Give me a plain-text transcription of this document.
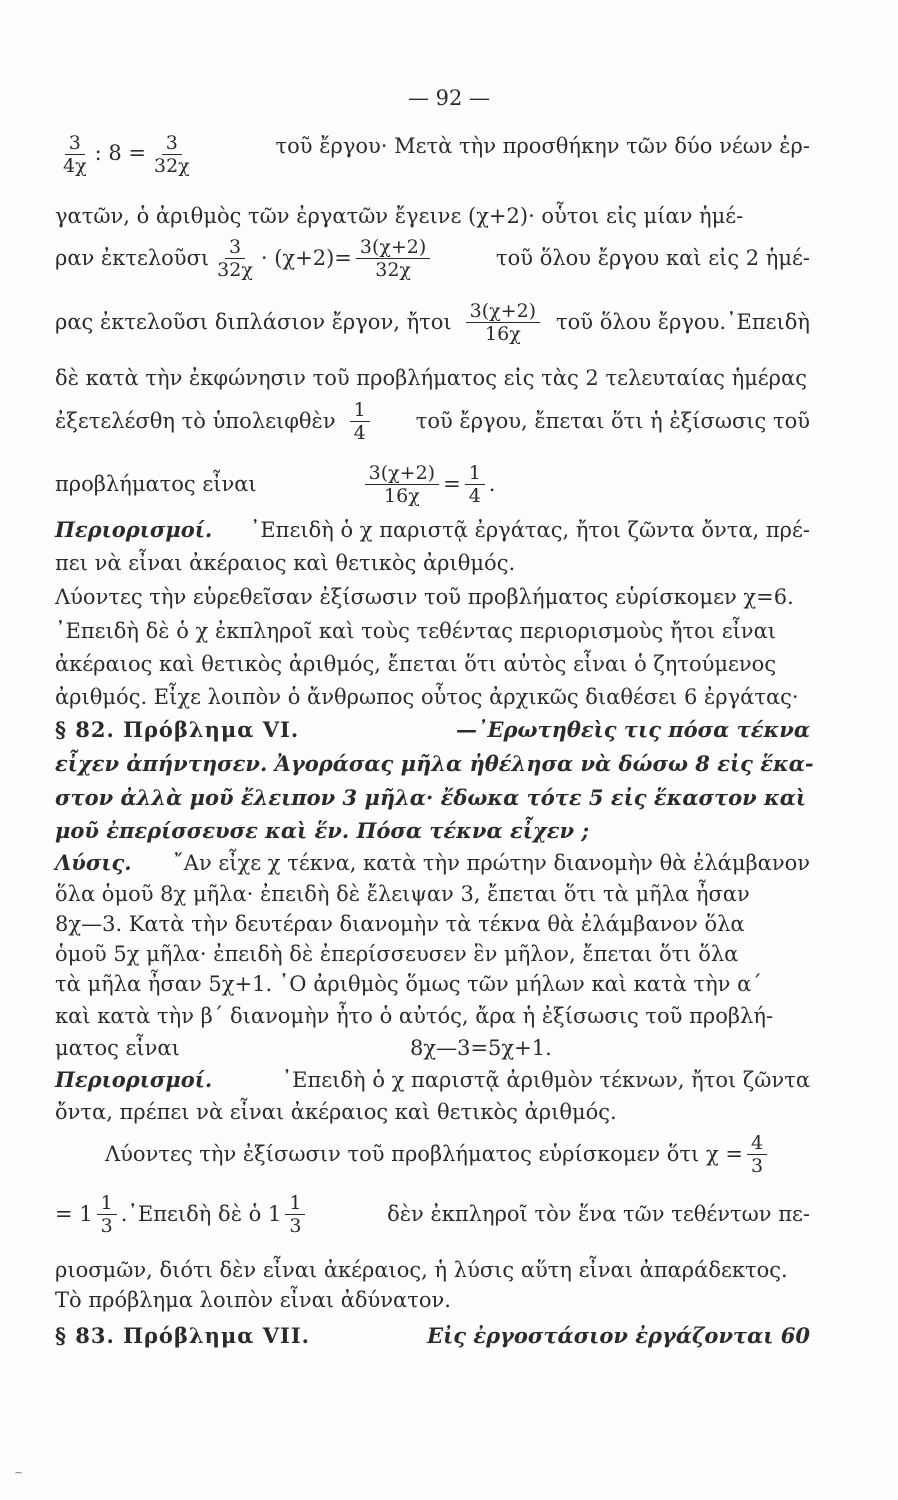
— 92 —
$\frac{3}{4\chi}$ : $8 = \frac{3}{32\chi}$	τοῦ ἔργου· Μετὰ τὴν προσθήκην τῶν δύο νέων ἐρ-
γατῶν, ὁ ἀριθμὸς τῶν ἐργατῶν ἔγεινε (χ+2)· οὗτοι εἰς μίαν ἡμέ-
ραν ἐκτελοῦσι $\frac{3}{32\chi} \cdot (\chi+2)= \frac{3(\chi+2)}{32\chi}$	τοῦ ὅλου ἔργου καὶ εἰς 2 ἡμέ-
ρας ἐκτελοῦσι διπλάσιον ἔργον, ἤτοι $\frac{3(\chi+2)}{16\chi}$ τοῦ ὅλου ἔργου.᾿Επειδὴ
δὲ κατὰ τὴν ἐκφώνησιν τοῦ προβλήματος εἰς τὰς 2 τελευταίας ἡμέρας
ἐξετελέσθη τὸ ὑπολειφθὲν $\frac{1}{4}$ τοῦ ἔργου, ἔπεται ὅτι ἡ ἐξίσωσις τοῦ
προβλήματος εἶναι	$\frac{3(\chi+2)}{16\chi} = \frac{1}{4}$ .
Περιορισμοί. ᾿Επειδὴ ὁ χ παριστᾷ ἐργάτας, ἤτοι ζῶντα ὄντα, πρέ-
πει νὰ εἶναι ἀκέραιος καὶ θετικὸς ἀριθμός.
Λύοντες τὴν εὑρεθεῖσαν ἐξίσωσιν τοῦ προβλήματος εὑρίσκομεν χ=6.
᾿Επειδὴ δὲ ὁ χ ἐκπληροῖ καὶ τοὺς τεθέντας περιορισμοὺς ἤτοι εἶναι
ἀκέραιος καὶ θετικὸς ἀριθμός, ἔπεται ὅτι αὐτὸς εἶναι ὁ ζητούμενος
ἀριθμός. Εἶχε λοιπὸν ὁ ἄνθρωπος οὗτος ἀρχικῶς διαθέσει 6 ἐργάτας·
§ 82. Πρόβλημα VI.	—᾿Ερωτηθεὶς τις πόσα τέκνα
εἶχεν ἀπήντησεν. Ἀγοράσας μῆλα ἠθέλησα νὰ δώσω 8 εἰς ἕκα-
στον ἀλλὰ μοῦ ἔλειπον 3 μῆλα· ἔδωκα τότε 5 εἰς ἕκαστον καὶ
μοῦ ἐπερίσσευσε καὶ ἕν. Πόσα τέκνα εἶχεν ;
Λύσις. ῎Αν εἶχε χ τέκνα, κατὰ τὴν πρώτην διανομὴν θὰ ἐλάμβανον
ὅλα ὁμοῦ 8χ μῆλα· ἐπειδὴ δὲ ἔλειψαν 3, ἔπεται ὅτι τὰ μῆλα ἦσαν
8χ—3. Κατὰ τὴν δευτέραν διανομὴν τὰ τέκνα θὰ ἐλάμβανον ὅλα
ὁμοῦ 5χ μῆλα· ἐπειδὴ δὲ ἐπερίσσευσεν ἓν μῆλον, ἔπεται ὅτι ὅλα
τὰ μῆλα ἦσαν 5χ+1. ῾Ο ἀριθμὸς ὅμως τῶν μήλων καὶ κατὰ τὴν α΄
καὶ κατὰ τὴν β΄ διανομὴν ἦτο ὁ αὐτός, ἄρα ἡ ἐξίσωσις τοῦ προβλή-
ματος εἶναι	8χ—3=5χ+1.
Περιορισμοί.	᾿Επειδὴ ὁ χ παριστᾷ ἀριθμὸν τέκνων, ἤτοι ζῶντα
ὄντα, πρέπει νὰ εἶναι ἀκέραιος καὶ θετικὸς ἀριθμός.
Λύοντες τὴν ἐξίσωσιν τοῦ προβλήματος εὑρίσκομεν ὅτι $\chi = \frac{4}{3}$
= $1 \frac{1}{3}$ .᾿Επειδὴ δὲ ὁ $1 \frac{1}{3}$	δὲν ἐκπληροῖ τὸν ἕνα τῶν τεθέντων πε-
ριοσμῶν, διότι δὲν εἶναι ἀκέραιος, ἡ λύσις αὕτη εἶναι ἀπαράδεκτος.
Τὸ πρόβλημα λοιπὸν εἶναι ἀδύνατον.
§ 83. Πρόβλημα VII.	Εἰς ἐργοστάσιον ἐργάζονται 60
~
